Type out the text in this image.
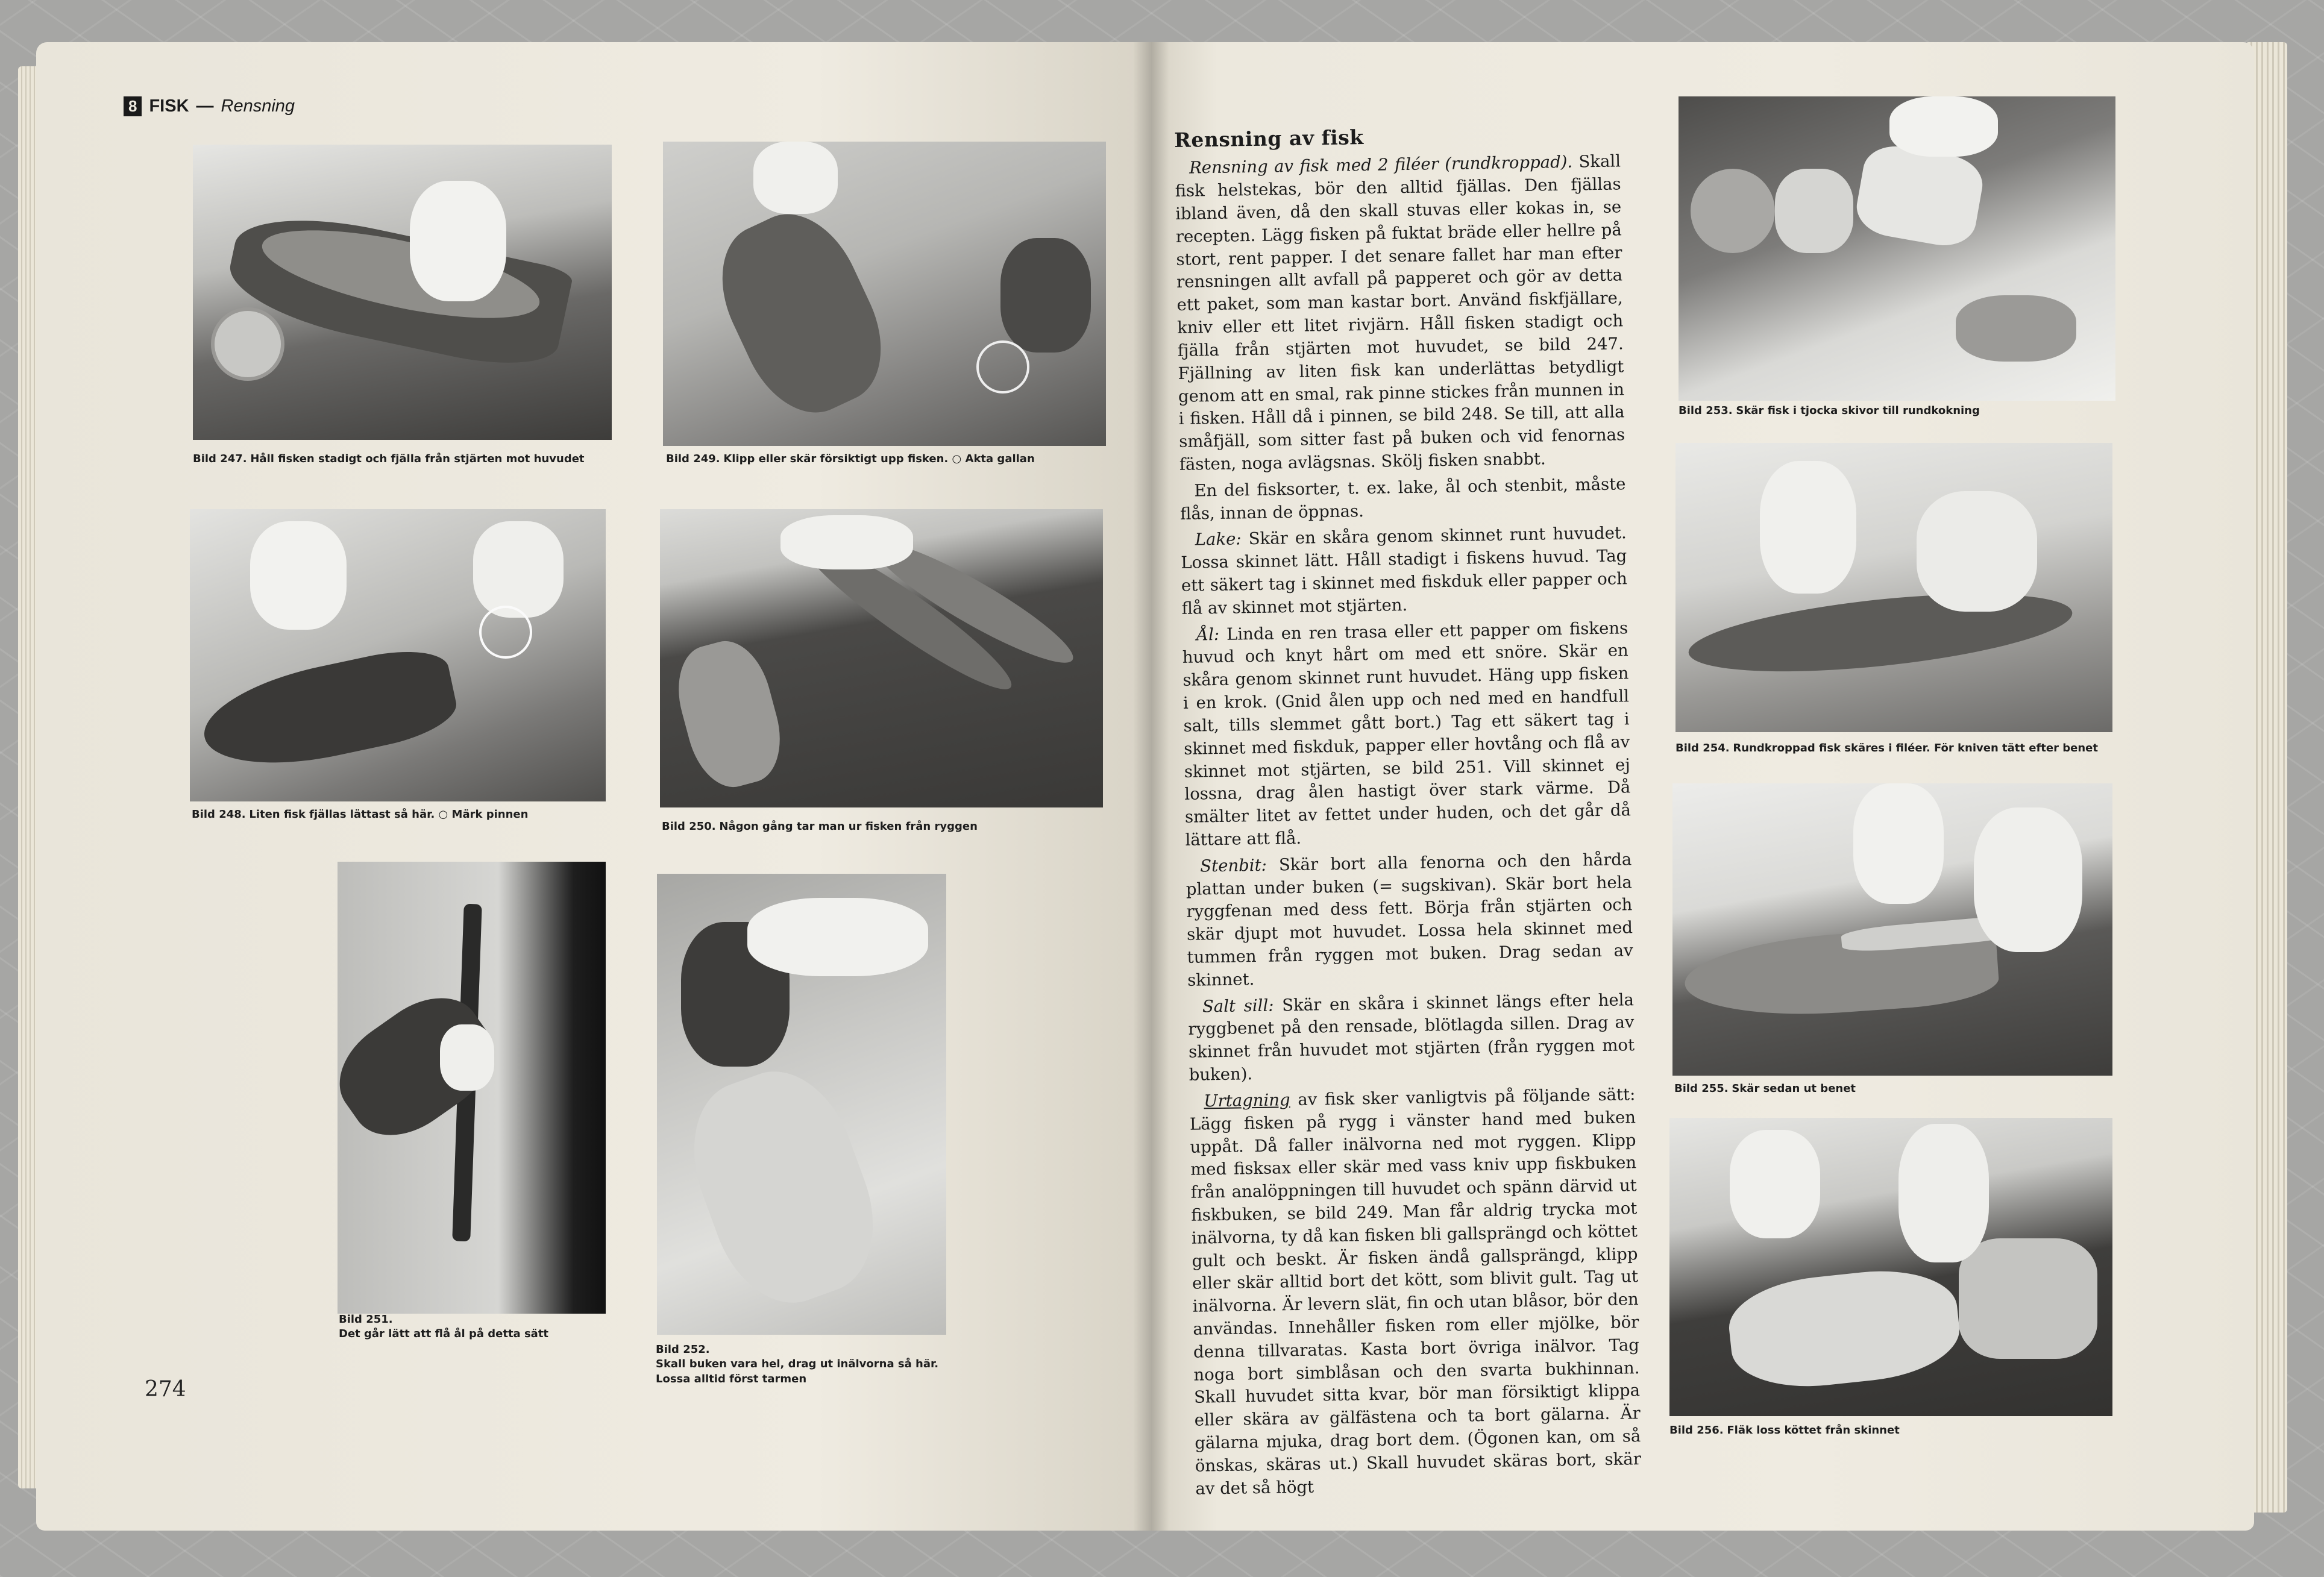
8 FISK — Rensning
Bild 247. Håll fisken stadigt och fjälla från stjärten mot huvudet	Bild 249. Klipp eller skär försiktigt upp fisken. ○ Akta gallan
Bild 248. Liten fisk fjällas lättast så här. ○ Märk pinnen
Bild 250. Någon gång tar man ur fisken från ryggen
Bild 251.
Det går lätt att flå ål på detta sätt
Bild 252.
Skall buken vara hel, drag ut inälvorna så här. Lossa alltid först tarmen
274
Rensning av fisk

Rensning av fisk med 2 filéer (rundkroppad). Skall fisk helstekas, bör den alltid fjällas. Den fjällas ibland även, då den skall stuvas eller kokas in, se recepten. Lägg fisken på fuktat bräde eller hellre på stort, rent papper. I det senare fallet har man efter rensningen allt avfall på papperet och gör av detta ett paket, som man kastar bort. Använd fiskfjällare, kniv eller ett litet rivjärn. Håll fisken stadigt och fjälla från stjärten mot huvudet, se bild 247. Fjällning av liten fisk kan underlättas betydligt genom att en smal, rak pinne stickes från munnen in i fisken. Håll då i pinnen, se bild 248. Se till, att alla småfjäll, som sitter fast på buken och vid fenornas fästen, noga avlägsnas. Skölj fisken snabbt.

En del fisksorter, t. ex. lake, ål och stenbit, måste flås, innan de öppnas.

Lake: Skär en skåra genom skinnet runt huvudet. Lossa skinnet lätt. Håll stadigt i fiskens huvud. Tag ett säkert tag i skinnet med fiskduk eller papper och flå av skinnet mot stjärten.

Ål: Linda en ren trasa eller ett papper om fiskens huvud och knyt hårt om med ett snöre. Skär en skåra genom skinnet runt huvudet. Häng upp fisken i en krok. (Gnid ålen upp och ned med en handfull salt, tills slemmet gått bort.) Tag ett säkert tag i skinnet med fiskduk, papper eller hovtång och flå av skinnet mot stjärten, se bild 251. Vill skinnet ej lossna, drag ålen hastigt över stark värme. Då smälter litet av fettet under huden, och det går då lättare att flå.

Stenbit: Skär bort alla fenorna och den hårda plattan under buken (= sugskivan). Skär bort hela ryggfenan med dess fett. Börja från stjärten och skär djupt mot huvudet. Lossa hela skinnet med tummen från ryggen mot buken. Drag sedan av skinnet.

Salt sill: Skär en skåra i skinnet längs efter hela ryggbenet på den rensade, blötlagda sillen. Drag av skinnet från huvudet mot stjärten (från ryggen mot buken).

Urtagning av fisk sker vanligtvis på följande sätt: Lägg fisken på rygg i vänster hand med buken uppåt. Då faller inälvorna ned mot ryggen. Klipp med fisksax eller skär med vass kniv upp fiskbuken från analöppningen till huvudet och spänn därvid ut fiskbuken, se bild 249. Man får aldrig trycka mot inälvorna, ty då kan fisken bli gallsprängd och köttet gult och beskt. Är fisken ändå gallsprängd, klipp eller skär alltid bort det kött, som blivit gult. Tag ut inälvorna. Är levern slät, fin och utan blåsor, bör den användas. Innehåller fisken rom eller mjölke, bör denna tillvaratas. Kasta bort övriga inälvor. Tag noga bort simblåsan och den svarta bukhinnan. Skall huvudet sitta kvar, bör man försiktigt klippa eller skära av gälfästena och ta bort gälarna. Är gälarna mjuka, drag bort dem. (Ögonen kan, om så önskas, skäras ut.) Skall huvudet skäras bort, skär av det så högt

Bild 253. Skär fisk i tjocka skivor till rundkokning
Bild 254. Rundkroppad fisk skäres i filéer. För kniven tätt efter benet
Bild 255. Skär sedan ut benet
Bild 256. Fläk loss köttet från skinnet
